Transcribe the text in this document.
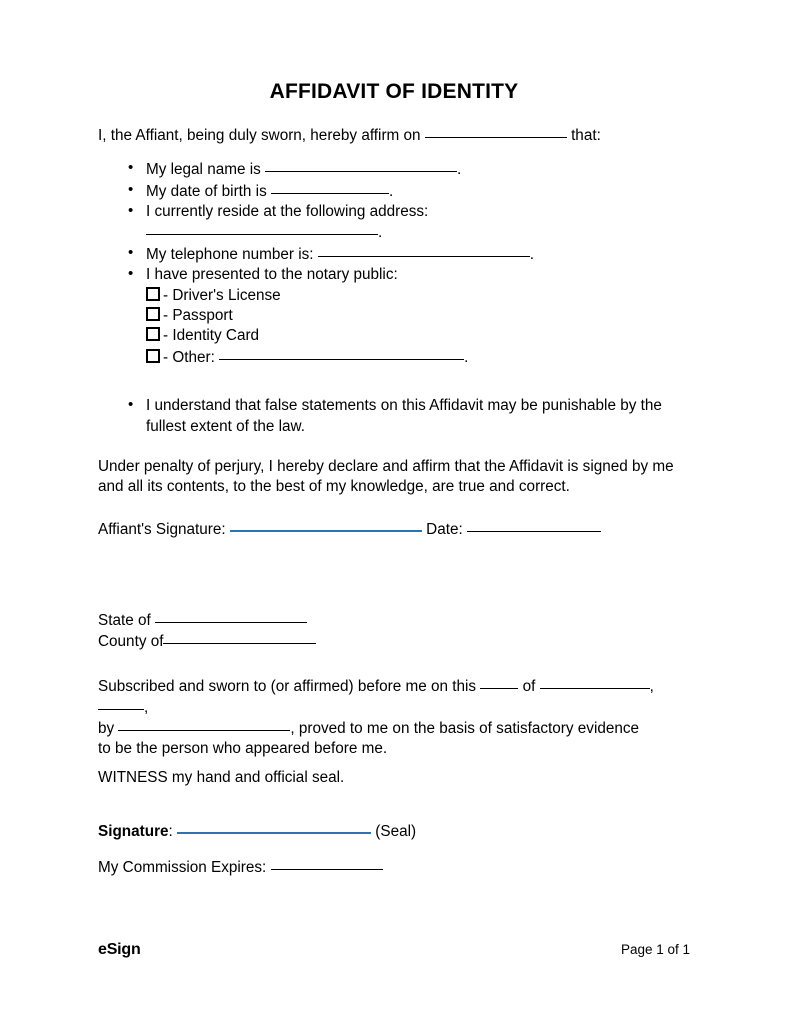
AFFIDAVIT OF IDENTITY

I, the Affiant, being duly sworn, hereby affirm on	that:

• My legal name is	.
• My date of birth is	.
• I currently reside at the following address:
.
• My telephone number is:	.
• I have presented to the notary public:
- Driver's License
- Passport
- Identity Card
- Other:	.
• I understand that false statements on this Affidavit may be punishable by the fullest extent of the law.

Under penalty of perjury, I hereby declare and affirm that the Affidavit is signed by me and all its contents, to the best of my knowledge, are true and correct.

Affiant's Signature:	Date:

State of

County of

Subscribed and sworn to (or affirmed) before me on this	of	, ,
by	, proved to me on the basis of satisfactory evidence
to be the person who appeared before me.

WITNESS my hand and official seal.

Signature:	(Seal)

My Commission Expires:

eSign	Page 1 of 1
